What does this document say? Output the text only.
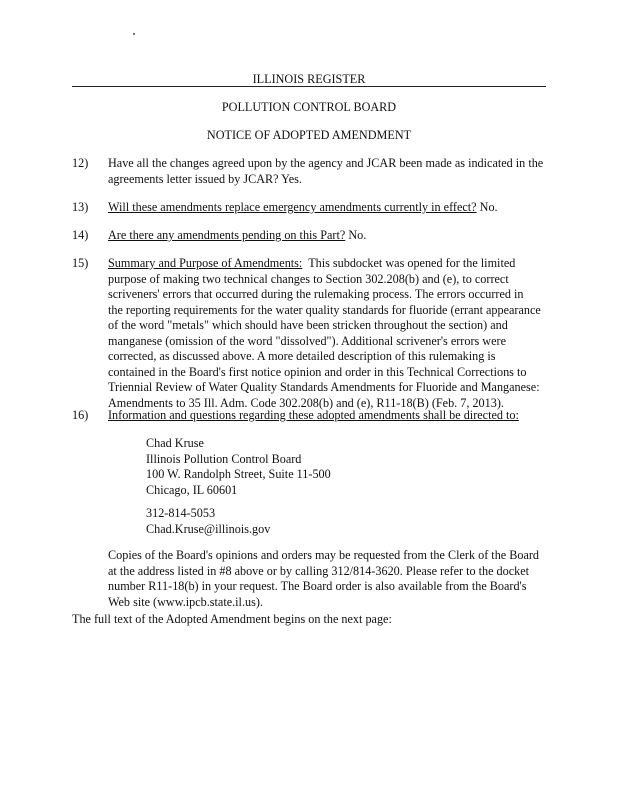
ILLINOIS REGISTER
POLLUTION CONTROL BOARD
NOTICE OF ADOPTED AMENDMENT
12) Have all the changes agreed upon by the agency and JCAR been made as indicated in the
agreements letter issued by JCAR? Yes.
13) Will these amendments replace emergency amendments currently in effect? No.
14) Are there any amendments pending on this Part? No.
15) Summary and Purpose of Amendments: This subdocket was opened for the limited
purpose of making two technical changes to Section 302.208(b) and (e), to correct
scriveners' errors that occurred during the rulemaking process. The errors occurred in
the reporting requirements for the water quality standards for fluoride (errant appearance
of the word "metals" which should have been stricken throughout the section) and
manganese (omission of the word "dissolved"). Additional scrivener's errors were
corrected, as discussed above. A more detailed description of this rulemaking is
contained in the Board's first notice opinion and order in this Technical Corrections to
Triennial Review of Water Quality Standards Amendments for Fluoride and Manganese:
Amendments to 35 Ill. Adm. Code 302.208(b) and (e), R11-18(B) (Feb. 7, 2013).
16) Information and questions regarding these adopted amendments shall be directed to:
Chad Kruse
Illinois Pollution Control Board
100 W. Randolph Street, Suite 11-500
Chicago, IL 60601
312-814-5053
Chad.Kruse@illinois.gov
Copies of the Board's opinions and orders may be requested from the Clerk of the Board
at the address listed in #8 above or by calling 312/814-3620. Please refer to the docket
number R11-18(b) in your request. The Board order is also available from the Board's
Web site (www.ipcb.state.il.us).
The full text of the Adopted Amendment begins on the next page:
